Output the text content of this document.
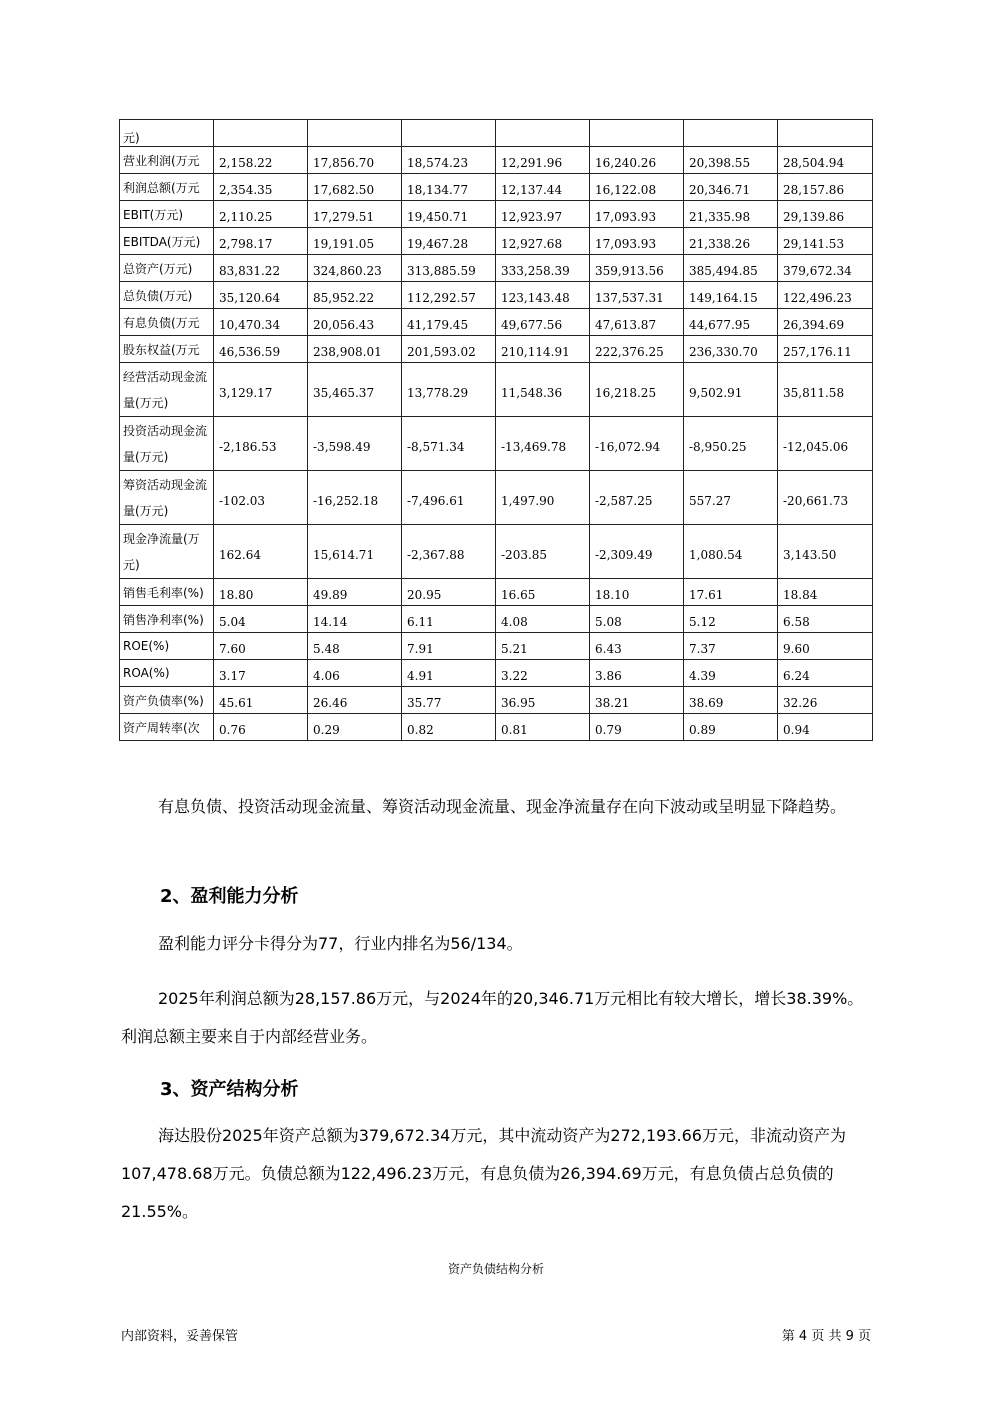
元)							
营业利润(万元	2,158.22	17,856.70	18,574.23	12,291.96	16,240.26	20,398.55	28,504.94
利润总额(万元	2,354.35	17,682.50	18,134.77	12,137.44	16,122.08	20,346.71	28,157.86
EBIT(万元)	2,110.25	17,279.51	19,450.71	12,923.97	17,093.93	21,335.98	29,139.86
EBITDA(万元)	2,798.17	19,191.05	19,467.28	12,927.68	17,093.93	21,338.26	29,141.53
总资产(万元)	83,831.22	324,860.23	313,885.59	333,258.39	359,913.56	385,494.85	379,672.34
总负债(万元)	35,120.64	85,952.22	112,292.57	123,143.48	137,537.31	149,164.15	122,496.23
有息负债(万元	10,470.34	20,056.43	41,179.45	49,677.56	47,613.87	44,677.95	26,394.69
股东权益(万元	46,536.59	238,908.01	201,593.02	210,114.91	222,376.25	236,330.70	257,176.11
经营活动现金流量(万元)	3,129.17	35,465.37	13,778.29	11,548.36	16,218.25	9,502.91	35,811.58
投资活动现金流量(万元)	-2,186.53	-3,598.49	-8,571.34	-13,469.78	-16,072.94	-8,950.25	-12,045.06
筹资活动现金流量(万元)	-102.03	-16,252.18	-7,496.61	1,497.90	-2,587.25	557.27	-20,661.73
现金净流量(万元)	162.64	15,614.71	-2,367.88	-203.85	-2,309.49	1,080.54	3,143.50
销售毛利率(%)	18.80	49.89	20.95	16.65	18.10	17.61	18.84
销售净利率(%)	5.04	14.14	6.11	4.08	5.08	5.12	6.58
ROE(%)	7.60	5.48	7.91	5.21	6.43	7.37	9.60
ROA(%)	3.17	4.06	4.91	3.22	3.86	4.39	6.24
资产负债率(%)	45.61	26.46	35.77	36.95	38.21	38.69	32.26
资产周转率(次	0.76	0.29	0.82	0.81	0.79	0.89	0.94

有息负债、投资活动现金流量、筹资活动现金流量、现金净流量存在向下波动或呈明显下降趋势。

2、盈利能力分析

盈利能力评分卡得分为77，行业内排名为56/134。

2025年利润总额为28,157.86万元，与2024年的20,346.71万元相比有较大增长，增长38.39%。利润总额主要来自于内部经营业务。

3、资产结构分析

海达股份2025年资产总额为379,672.34万元，其中流动资产为272,193.66万元，非流动资产为107,478.68万元。负债总额为122,496.23万元，有息负债为26,394.69万元，有息负债占总负债的21.55%。

资产负债结构分析
内部资料，妥善保管	第 4 页 共 9 页
